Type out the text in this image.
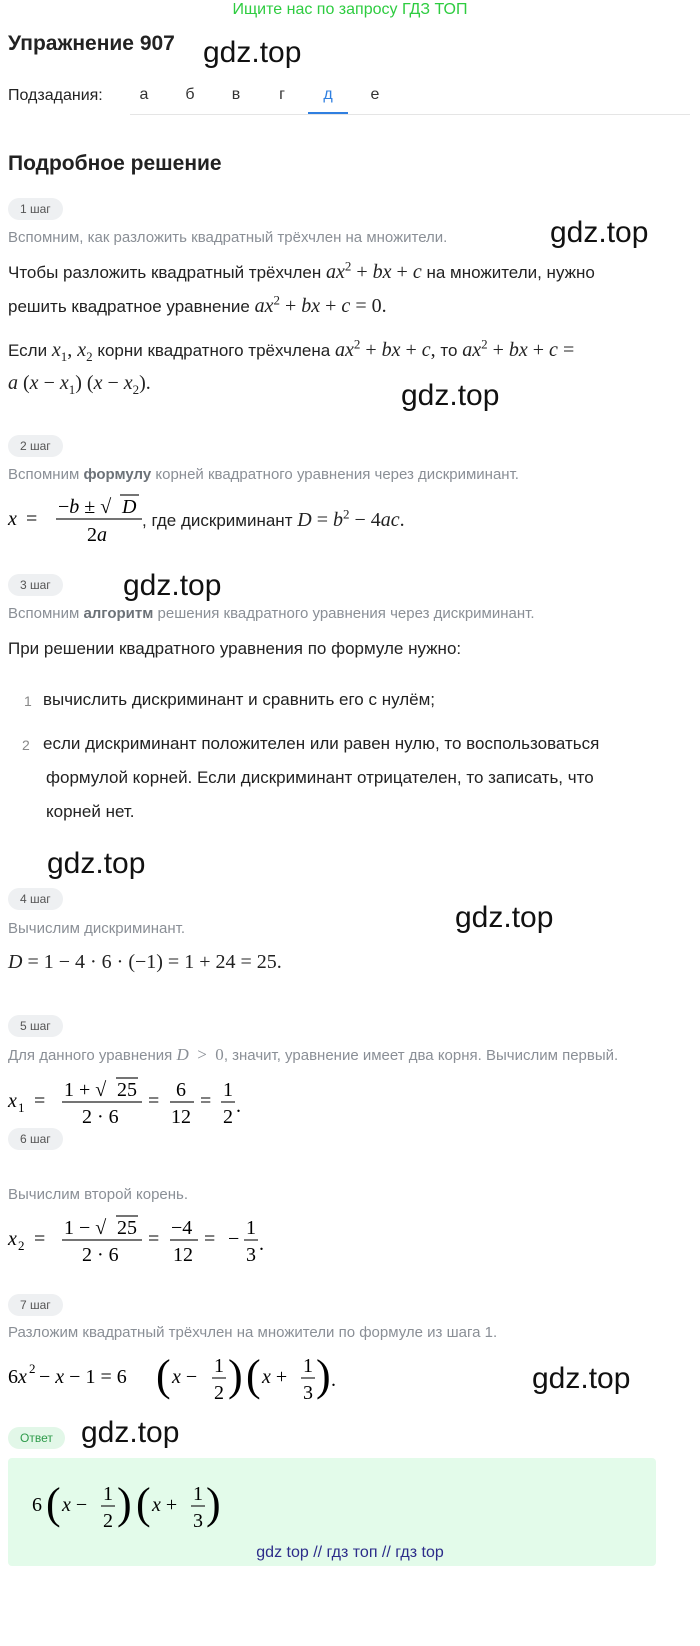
Ищите нас по запросу ГДЗ ТОП
Упражнение 907 gdz.top
Подзадания:	а	б	в	г	д	е
Подробное решение
1 шаг
Вспомним, как разложить квадратный трёхчлен на множители.	gdz.top
Чтобы разложить квадратный трёхчлен $ax^2$ + bx + c на множители, нужно
решить квадратное уравнение $ax^2$ + bx + c = 0.
Если $x_1$, $x_2$ корни квадратного трёхчлена $ax^2$ + bx + c, то $ax^2$ + bx + c =
a $(x - x_1)$ $(x - x_2)$.	gdz.top
2 шаг
Вспомним формулу корней квадратного уравнения через дискриминант.
x =
−b ± √ D
2a
, где дискриминант $D = b^2 - 4ac$.
3 шаг	gdz.top
Вспомним алгоритм решения квадратного уравнения через дискриминант.
При решении квадратного уравнения по формуле нужно:
1 вычислить дискриминант и сравнить его с нулём;
2 если дискриминант положителен или равен нулю, то воспользоваться
формулой корней. Если дискриминант отрицателен, то записать, что
корней нет.
gdz.top
4 шаг
gdz.top
Вычислим дискриминант.
D = 1 − 4 · 6 · (−1) = 1 + 24 = 25.
5 шаг
Для данного уравнения D  >  0, значит, уравнение имеет два корня. Вычислим первый.
x 1 = 1 + √ 25
2 · 6
= 6
12
= 1
2 .
6 шаг
Вычислим второй корень.
x 2 = 1 − √ 25
2 · 6
= −4
12
= − 1
3 .
7 шаг
Разложим квадратный трёхчлен на множители по формуле из шага 1.
6x 2 − x − 1 = 6 ( x − 1
2 ) ( x + 1
3 ) .	gdz.top
Ответ gdz.top
6 ( x − 1
2 ) ( x + 1
3 )
gdz top // гдз топ // гдз top
